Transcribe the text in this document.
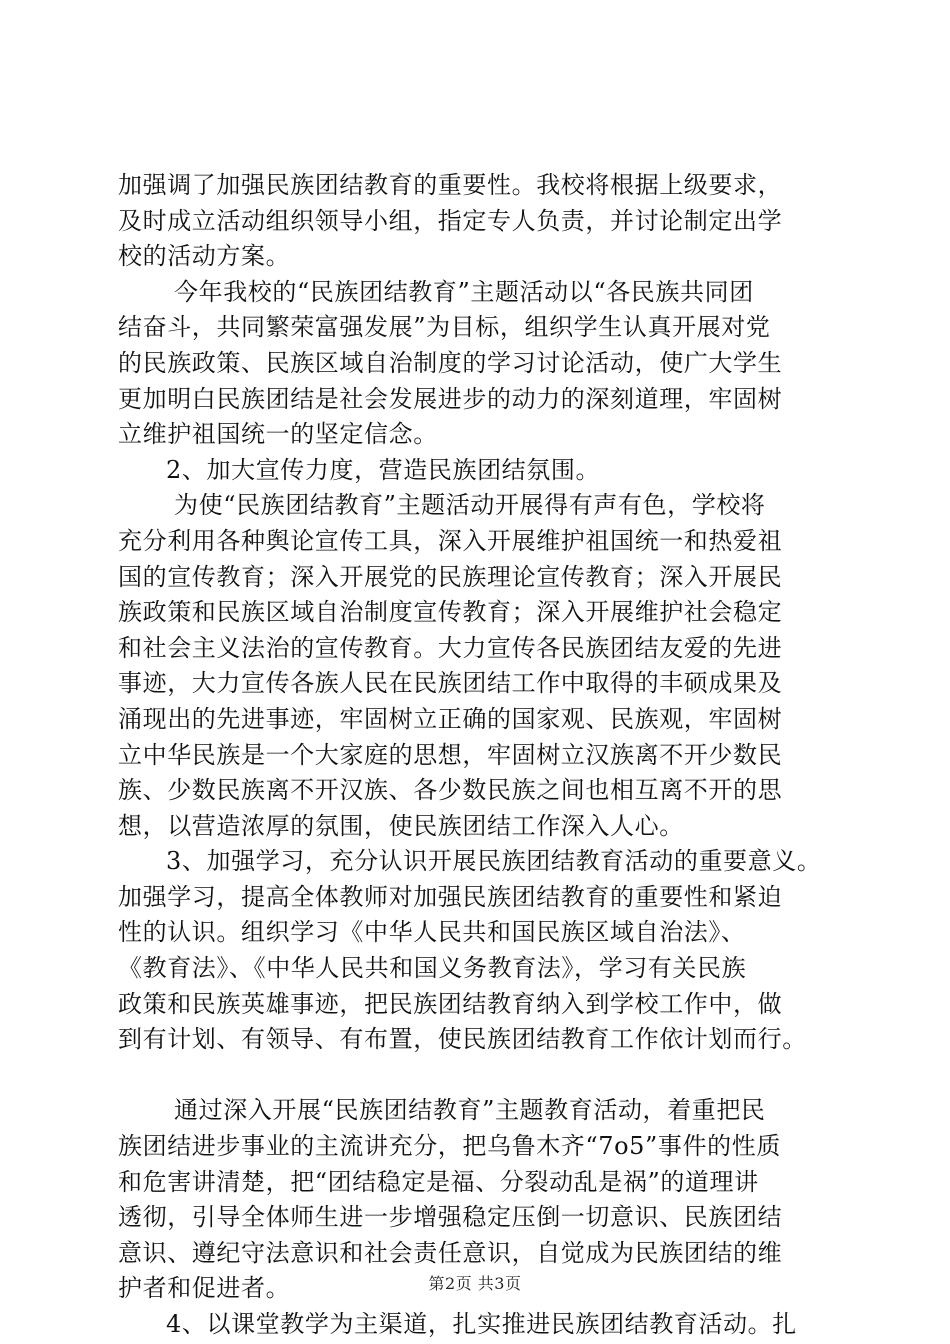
加强调了加强民族团结教育的重要性。我校将根据上级要求，
及时成立活动组织领导小组，指定专人负责，并讨论制定出学
校的活动方案。
今年我校的“民族团结教育”主题活动以“各民族共同团
结奋斗，共同繁荣富强发展”为目标，组织学生认真开展对党
的民族政策、民族区域自治制度的学习讨论活动，使广大学生
更加明白民族团结是社会发展进步的动力的深刻道理，牢固树
立维护祖国统一的坚定信念。
2、加大宣传力度，营造民族团结氛围。
为使“民族团结教育”主题活动开展得有声有色，学校将
充分利用各种舆论宣传工具，深入开展维护祖国统一和热爱祖
国的宣传教育；深入开展党的民族理论宣传教育；深入开展民
族政策和民族区域自治制度宣传教育；深入开展维护社会稳定
和社会主义法治的宣传教育。大力宣传各民族团结友爱的先进
事迹，大力宣传各族人民在民族团结工作中取得的丰硕成果及
涌现出的先进事迹，牢固树立正确的国家观、民族观，牢固树
立中华民族是一个大家庭的思想，牢固树立汉族离不开少数民
族、少数民族离不开汉族、各少数民族之间也相互离不开的思
想，以营造浓厚的氛围，使民族团结工作深入人心。
3、加强学习，充分认识开展民族团结教育活动的重要意义。
加强学习，提高全体教师对加强民族团结教育的重要性和紧迫
性的认识。组织学习《中华人民共和国民族区域自治法》、
《教育法》、《中华人民共和国义务教育法》，学习有关民族
政策和民族英雄事迹，把民族团结教育纳入到学校工作中，做
到有计划、有领导、有布置，使民族团结教育工作依计划而行。
通过深入开展“民族团结教育”主题教育活动，着重把民
族团结进步事业的主流讲充分，把乌鲁木齐“7o5”事件的性质
和危害讲清楚，把“团结稳定是福、分裂动乱是祸”的道理讲
透彻，引导全体师生进一步增强稳定压倒一切意识、民族团结
意识、遵纪守法意识和社会责任意识，自觉成为民族团结的维
护者和促进者。
4、以课堂教学为主渠道，扎实推进民族团结教育活动。扎
第2页 共3页
